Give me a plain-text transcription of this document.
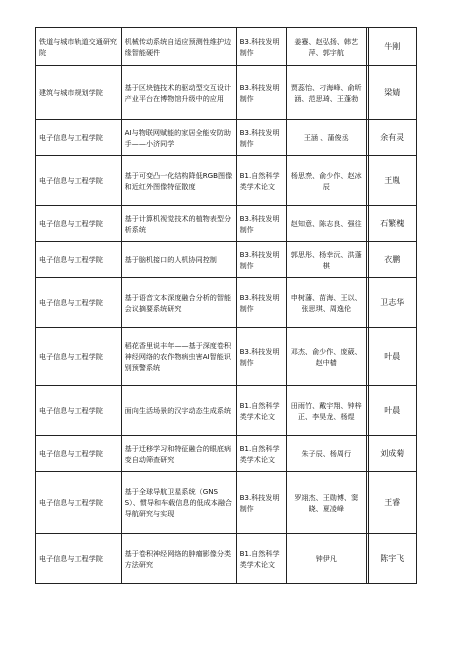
铁道与城市轨道交通研究院	机械传动系统自适应预测性维护边缘智能硬件	B3.科技发明制作	姜蹇、赵弘扬、韩艺萍、郭宇航		牛刚
建筑与城市规划学院	基于区块链技术的驱动型交互设计产业平台在博物馆升级中的应用	B3.科技发明制作	贾蕊怡、刁海峰、俞昕涵、范思琦、王蓬勃		梁婧
电子信息与工程学院	AI与物联网赋能的家居全能安防助手——小济同学	B3.科技发明制作	王涵 、蒲俊丞		余有灵
电子信息与工程学院	基于可变凸一化结构降低RGB图像和近红外图像特征散度	B1.自然科学类学术论文	杨思焘、俞少作、赵冰辰		王胤
电子信息与工程学院	基于计算机视觉技术的植物表型分析系统	B3.科技发明制作	赵知意、陈志良、强往		石繁槐
电子信息与工程学院	基于脑机接口的人机协同控制	B3.科技发明制作	郭思彤、杨幸沅、洪蓬棋		衣鹏
电子信息与工程学院	基于语音文本深度融合分析的智能会议摘要系统研究	B3.科技发明制作	申树藩、苗海、王以、张思琪、周逸伦		卫志华
电子信息与工程学院	稻花香里说丰年——基于深度卷积神经网络的农作物病虫害AI智能识别预警系统	B3.科技发明制作	邓杰、俞少作、庞葳、赵中樯		叶晨
电子信息与工程学院	面向生活场景的汉字动态生成系统	B1.自然科学类学术论文	田雨竹、戴宇翔、钟梓正、李昊龙、杨煜		叶晨
电子信息与工程学院	基于迁移学习和特征融合的眼底病变自动筛查研究	B1.自然科学类学术论文	朱子辰、杨周行		刘成菊
电子信息与工程学院	基于全球导航卫星系统（GNSS）、惯导和车载信息的低成本融合导航研究与实现	B3.科技发明制作	罗翊杰、王勋博、窦晓、夏凌峰		王睿
电子信息与工程学院	基于卷积神经网络的肿瘤影像分类方法研究	B1.自然科学类学术论文	钟伊凡		陈宇飞
